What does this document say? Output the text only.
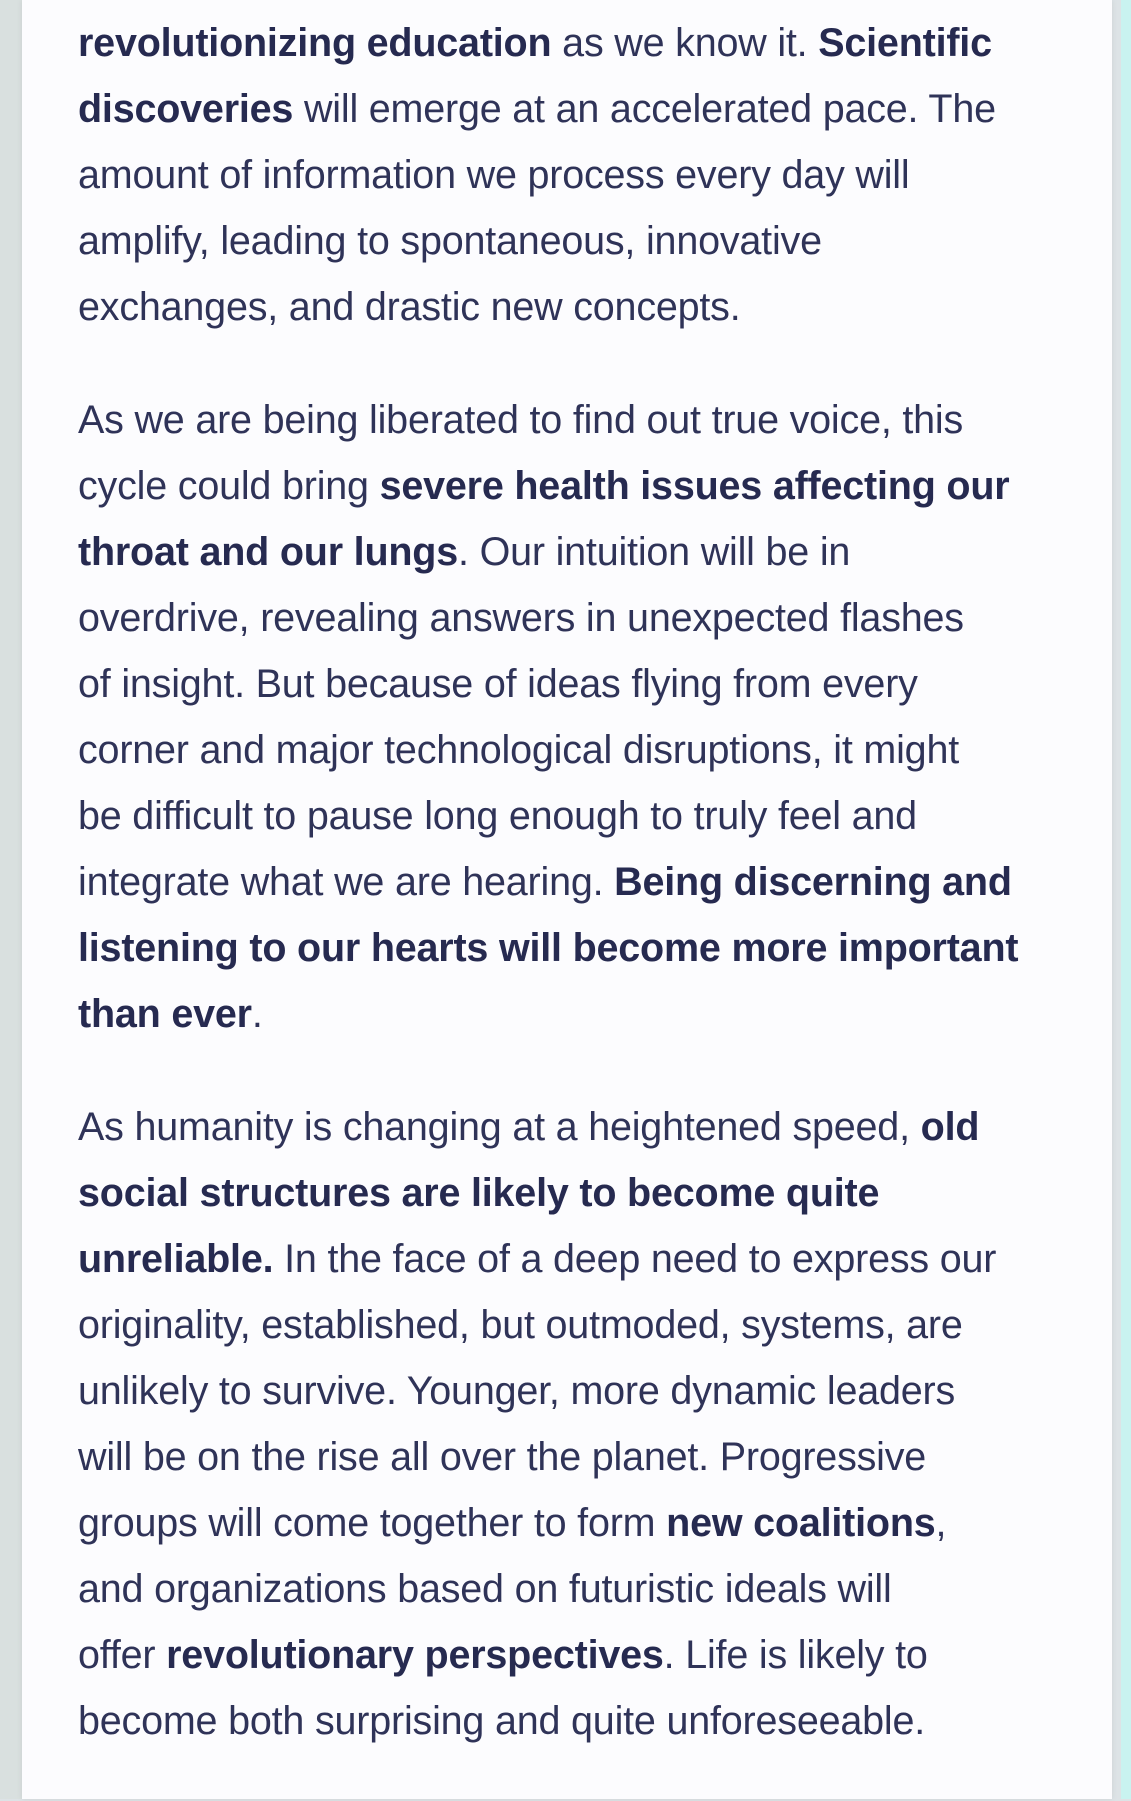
revolutionizing education as we know it. Scientific
discoveries will emerge at an accelerated pace. The
amount of information we process every day will
amplify, leading to spontaneous, innovative
exchanges, and drastic new concepts.

As we are being liberated to find out true voice, this
cycle could bring severe health issues affecting our
throat and our lungs. Our intuition will be in
overdrive, revealing answers in unexpected flashes
of insight. But because of ideas flying from every
corner and major technological disruptions, it might
be difficult to pause long enough to truly feel and
integrate what we are hearing. Being discerning and
listening to our hearts will become more important
than ever.

As humanity is changing at a heightened speed, old
social structures are likely to become quite
unreliable. In the face of a deep need to express our
originality, established, but outmoded, systems, are
unlikely to survive. Younger, more dynamic leaders
will be on the rise all over the planet. Progressive
groups will come together to form new coalitions,
and organizations based on futuristic ideals will
offer revolutionary perspectives. Life is likely to
become both surprising and quite unforeseeable.
